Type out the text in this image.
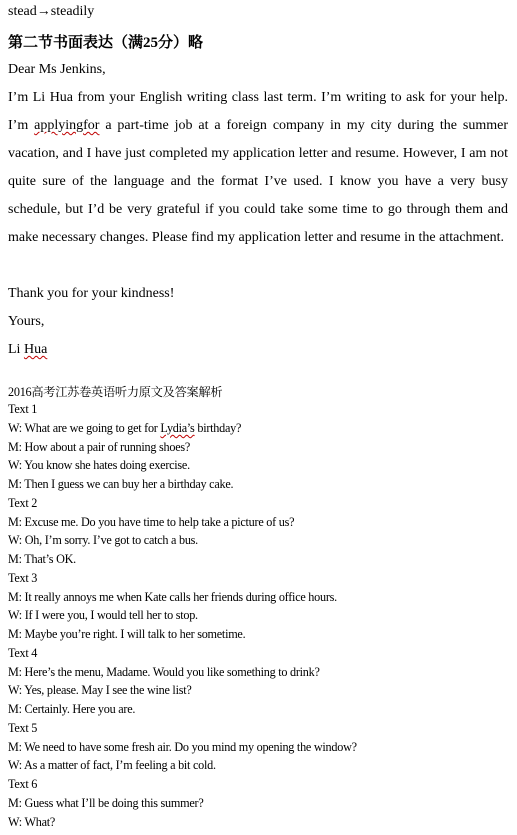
stead→steadily
第二节书面表达（满25分）略
Dear Ms Jenkins,
I’m Li Hua from your English writing class last term. I’m writing to ask for your help. I’m applyingfor a part-time job at a foreign company in my city during the summer vacation, and I have just completed my application letter and resume. However, I am not quite sure of the language and the format I’ve used. I know you have a very busy schedule, but I’d be very grateful if you could take some time to go through them and make necessary changes. Please find my application letter and resume in the attachment.
Thank you for your kindness!
Yours,
Li Hua
2016高考江苏卷英语听力原文及答案解析
Text 1
W: What are we going to get for Lydia’s birthday?
M: How about a pair of running shoes?
W: You know she hates doing exercise.
M: Then I guess we can buy her a birthday cake.
Text 2
M: Excuse me. Do you have time to help take a picture of us?
W: Oh, I’m sorry. I’ve got to catch a bus.
M: That’s OK.
Text 3
M: It really annoys me when Kate calls her friends during office hours.
W: If I were you, I would tell her to stop.
M: Maybe you’re right. I will talk to her sometime.
Text 4
M: Here’s the menu, Madame. Would you like something to drink?
W: Yes, please. May I see the wine list?
M: Certainly. Here you are.
Text 5
M: We need to have some fresh air. Do you mind my opening the window?
W: As a matter of fact, I’m feeling a bit cold.
Text 6
M: Guess what I’ll be doing this summer?
W: What?
